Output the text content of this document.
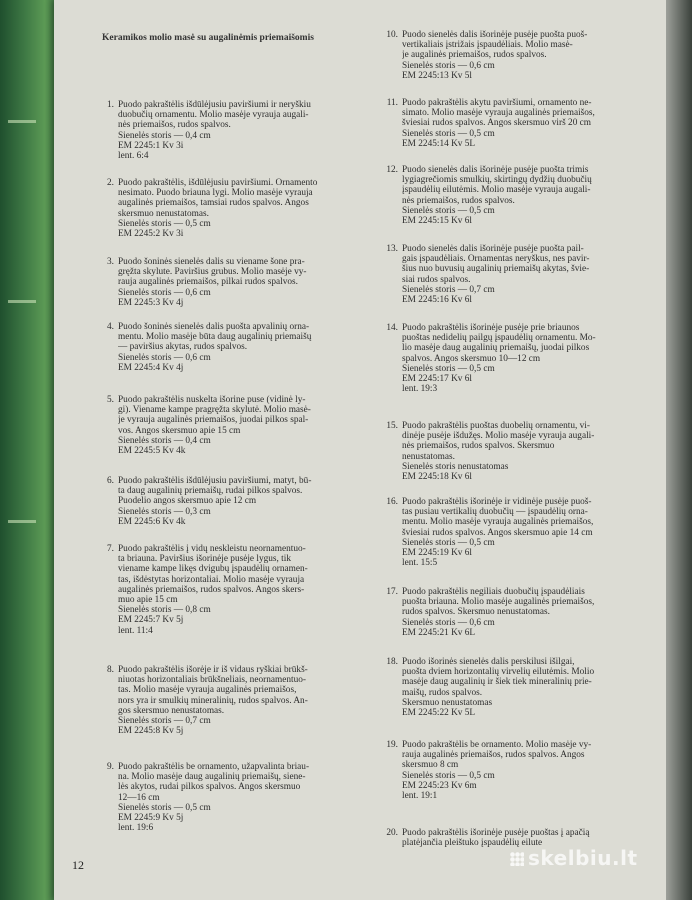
Keramikos molio masė su augalinėmis priemaišomis
1. Puodo pakraštėlis išdūlėjusiu paviršiumi ir neryškiu
duobučių ornamentu. Molio masėje vyrauja augali-
nės priemaišos, rudos spalvos.
Sienelės storis — 0,4 cm
EM 2245:1 Kv 3i
lent. 6:4
2. Puodo pakraštėlis, išdūlėjusiu paviršiumi. Ornamento
nesimato. Puodo briauna lygi. Molio masėje vyrauja
augalinės priemaišos, tamsiai rudos spalvos. Angos
skersmuo nenustatomas.
Sienelės storis — 0,5 cm
EM 2245:2 Kv 3i
3. Puodo šoninės sienelės dalis su viename šone pra-
gręžta skylute. Paviršius grubus. Molio masėje vy-
rauja augalinės priemaišos, pilkai rudos spalvos.
Sienelės storis — 0,6 cm
EM 2245:3 Kv 4j
4. Puodo šoninės sienelės dalis puošta apvalinių orna-
mentu. Molio masėje būta daug augalinių priemaišų
— paviršius akytas, rudos spalvos.
Sienelės storis — 0,6 cm
EM 2245:4 Kv 4j
5. Puodo pakraštėlis nuskelta išorine puse (vidinė ly-
gi). Viename kampe pragręžta skylutė. Molio masė-
je vyrauja augalinės priemaišos, juodai pilkos spal-
vos. Angos skersmuo apie 15 cm
Sienelės storis — 0,4 cm
EM 2245:5 Kv 4k
6. Puodo pakraštėlis išdūlėjusiu paviršiumi, matyt, bū-
ta daug augalinių priemaišų, rudai pilkos spalvos.
Puodelio angos skersmuo apie 12 cm
Sienelės storis — 0,3 cm
EM 2245:6 Kv 4k
7. Puodo pakraštėlis į vidų neskleistu neornamentuo-
ta briauna. Paviršius išorinėje pusėje lygus, tik
viename kampe likęs dvigubų įspaudėlių ornamen-
tas, išdėstytas horizontaliai. Molio masėje vyrauja
augalinės priemaišos, rudos spalvos. Angos skers-
muo apie 15 cm
Sienelės storis — 0,8 cm
EM 2245:7 Kv 5j
lent. 11:4
8. Puodo pakraštėlis išorėje ir iš vidaus ryškiai brūkš-
niuotas horizontaliais brūkšneliais, neornamentuo-
tas. Molio masėje vyrauja augalinės priemaišos,
nors yra ir smulkių mineralinių, rudos spalvos. An-
gos skersmuo nenustatomas.
Sienelės storis — 0,7 cm
EM 2245:8 Kv 5j
9. Puodo pakraštėlis be ornamento, užapvalinta briau-
na. Molio masėje daug augalinių priemaišų, siene-
lės akytos, rudai pilkos spalvos. Angos skersmuo
12—16 cm
Sienelės storis — 0,5 cm
EM 2245:9 Kv 5j
lent. 19:6
10. Puodo sienelės dalis išorinėje pusėje puošta puoš-
vertikaliais įstrižais įspaudėliais. Molio masė-
je augalinės priemaišos, rudos spalvos.
Sienelės storis — 0,6 cm
EM 2245:13 Kv 5l
11. Puodo pakraštėlis akytu paviršiumi, ornamento ne-
simato. Molio masėje vyrauja augalinės priemaišos,
šviesiai rudos spalvos. Angos skersmuo virš 20 cm
Sienelės storis — 0,5 cm
EM 2245:14 Kv 5L
12. Puodo sienelės dalis išorinėje pusėje puošta trimis
lygiagrečiomis smulkių, skirtingų dydžių duobučių
įspaudėlių eilutėmis. Molio masėje vyrauja augali-
nės priemaišos, rudos spalvos.
Sienelės storis — 0,5 cm
EM 2245:15 Kv 6l
13. Puodo sienelės dalis išorinėje pusėje puošta pail-
gais įspaudėliais. Ornamentas neryškus, nes pavir-
šius nuo buvusių augalinių priemaišų akytas, švie-
siai rudos spalvos.
Sienelės storis — 0,7 cm
EM 2245:16 Kv 6l
14. Puodo pakraštėlis išorinėje pusėje prie briaunos
puoštas nedidelių pailgų įspaudėlių ornamentu. Mo-
lio masėje daug augalinių priemaišų, juodai pilkos
spalvos. Angos skersmuo 10—12 cm
Sienelės storis — 0,5 cm
EM 2245:17 Kv 6l
lent. 19:3
15. Puodo pakraštėlis puoštas duobelių ornamentu, vi-
dinėje pusėje išdužęs. Molio masėje vyrauja augali-
nės priemaišos, rudos spalvos. Skersmuo
nenustatomas.
Sienelės storis nenustatomas
EM 2245:18 Kv 6l
16. Puodo pakraštėlis išorinėje ir vidinėje pusėje puoš-
tas pusiau vertikalių duobučių — įspaudėlių orna-
mentu. Molio masėje vyrauja augalinės priemaišos,
šviesiai rudos spalvos. Angos skersmuo apie 14 cm
Sienelės storis — 0,5 cm
EM 2245:19 Kv 6l
lent. 15:5
17. Puodo pakraštėlis negiliais duobučių įspaudėliais
puošta briauna. Molio masėje augalinės priemaišos,
rudos spalvos. Skersmuo nenustatomas.
Sienelės storis — 0,6 cm
EM 2245:21 Kv 6L
18. Puodo išorinės sienelės dalis perskilusi išilgai,
puošta dviem horizontalių virvelių eilutėmis. Molio
masėje daug augalinių ir šiek tiek mineralinių prie-
maišų, rudos spalvos.
Skersmuo nenustatomas
EM 2245:22 Kv 5L
19. Puodo pakraštėlis be ornamento. Molio masėje vy-
rauja augalinės priemaišos, rudos spalvos. Angos
skersmuo 8 cm
Sienelės storis — 0,5 cm
EM 2245:23 Kv 6m
lent. 19:1
20. Puodo pakraštėlis išorinėje pusėje puoštas į apačią
platėjančia pleištuko įspaudėlių eilute
12	skelbiu.lt
